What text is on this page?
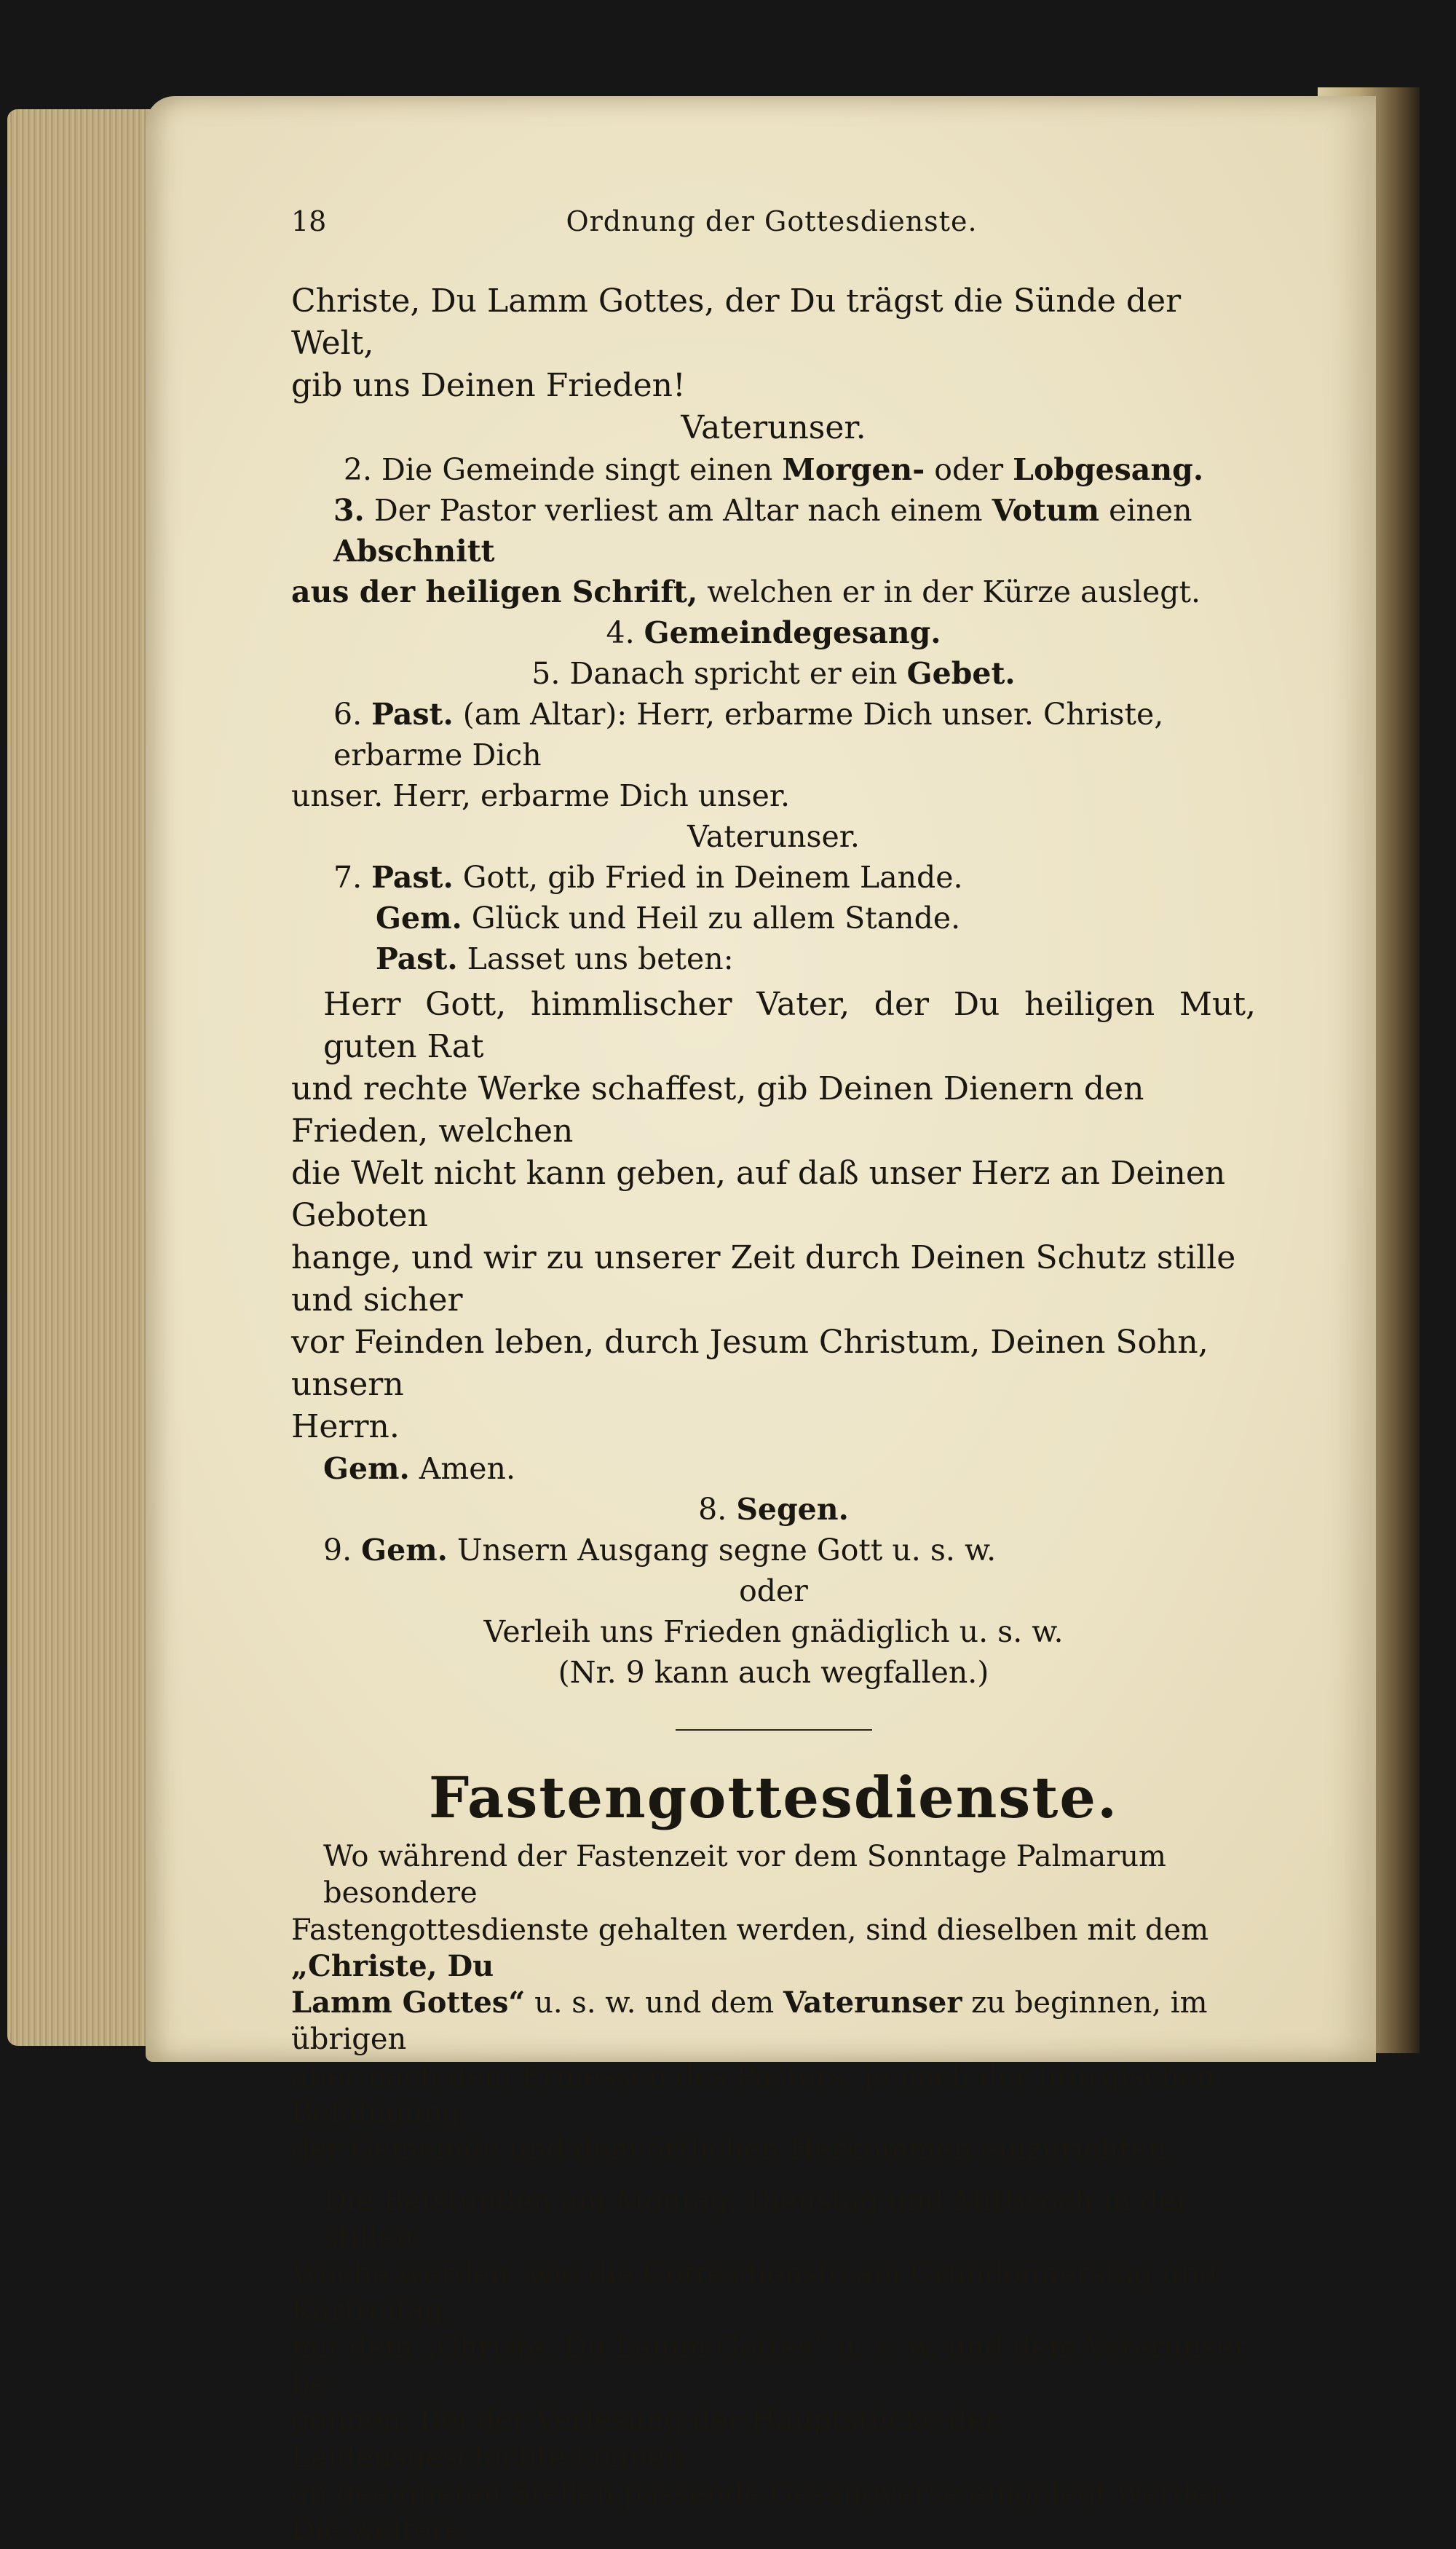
18	Ordnung der Gottesdienste.

Christe, Du Lamm Gottes, der Du trägst die Sünde der Welt,

gib uns Deinen Frieden!

Vaterunser.

2. Die Gemeinde singt einen Morgen- oder Lobgesang.

3. Der Pastor verliest am Altar nach einem Votum einen Abschnitt

aus der heiligen Schrift, welchen er in der Kürze auslegt.

4. Gemeindegesang.

5. Danach spricht er ein Gebet.

6. Past. (am Altar): Herr, erbarme Dich unser. Christe, erbarme Dich

unser. Herr, erbarme Dich unser.

Vaterunser.

7. Past. Gott, gib Fried in Deinem Lande.

Gem. Glück und Heil zu allem Stande.

Past. Lasset uns beten:

Herr Gott, himmlischer Vater, der Du heiligen Mut, guten Rat

und rechte Werke schaffest, gib Deinen Dienern den Frieden, welchen

die Welt nicht kann geben, auf daß unser Herz an Deinen Geboten

hange, und wir zu unserer Zeit durch Deinen Schutz stille und sicher

vor Feinden leben, durch Jesum Christum, Deinen Sohn, unsern

Herrn.

Gem. Amen.

8. Segen.

9. Gem. Unsern Ausgang segne Gott u. s. w.

oder

Verleih uns Frieden gnädiglich u. s. w.

(Nr. 9 kann auch wegfallen.)

Fastengottesdienste.

Wo während der Fastenzeit vor dem Sonntage Palmarum besondere

Fastengottesdienste gehalten werden, sind dieselben mit dem „Christe, Du

Lamm Gottes“ u. s. w. und dem Vaterunser zu beginnen, im übrigen

aber nach dem Ermessen des Pastors, je nach der liturgischen Befähigung

der Gemeinde und dem örtlichen Herkommen einzurichten.

Die Betstunden am Montag, Dienstag und Mittwoch in der stillen

Woche werden, wie die Gottesdienste am Gründonnerstag und Karfreitag,

mit dem „Christe, Du Lamm Gottes“ u. s. w. und dem Vaterunser be-

gonnen. Bei der Verlesung der Hauptstücke der Leidensgeschichte können

an geeigneten Stellen passende Gesangverse eingelegt werden. Die weitere
